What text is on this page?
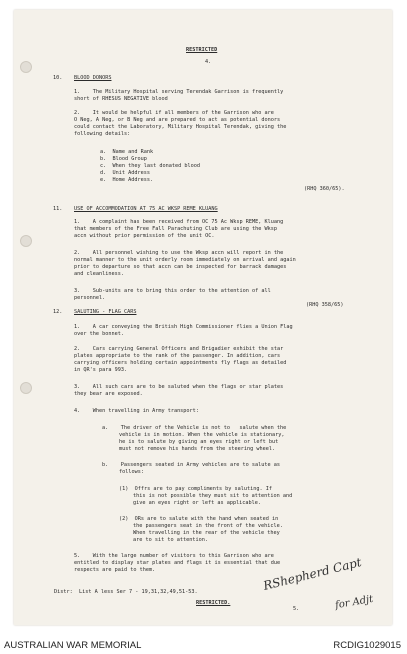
RESTRICTED
4.
10. BLOOD DONORS
1.    The Military Hospital serving Terendak Garrison is frequently
short of RHESUS NEGATIVE blood
2.    It would be helpful if all members of the Garrison who are
O Neg, A Neg, or B Neg and are prepared to act as potential donors
could contact the Laboratory, Military Hospital Terendak, giving the
following details:
a.  Name and Rank
b.  Blood Group
c.  When they last donated blood
d.  Unit Address
e.  Home Address.
(RHQ 360/65).
11. USE OF ACCOMMODATION AT 75 AC WKSP REME KLUANG
1.    A complaint has been received from OC 75 Ac Wksp REME, Kluang
that members of the Free Fall Parachuting Club are using the Wksp
accn without prior permission of the unit OC.
2.    All personnel wishing to use the Wksp accn will report in the
normal manner to the unit orderly room immediately on arrival and again
prior to departure so that accn can be inspected for barrack damages
and cleanliness.
3.    Sub-units are to bring this order to the attention of all
personnel.
(RHQ 358/65)
12. SALUTING - FLAG CARS
1.    A car conveying the British High Commissioner flies a Union Flag
over the bonnet.
2.    Cars carrying General Officers and Brigadier exhibit the star
plates appropriate to the rank of the passenger. In addition, cars
carrying officers holding certain appointments fly flags as detailed
in QR's para 993.
3.    All such cars are to be saluted when the flags or star plates
they bear are exposed.
4.    When travelling in Army transport:
a.    The driver of the Vehicle is not to   salute when the
vehicle is in motion. When the vehicle is stationary,
he is to salute by giving an eyes right or left but
must not remove his hands from the steering wheel.
b.    Passengers seated in Army vehicles are to salute as
follows:
(1)  Offrs are to pay compliments by saluting. If
this is not possible they must sit to attention and
give an eyes right or left as applicable.
(2)  ORs are to salute with the hand when seated in
the passengers seat in the front of the vehicle.
When travelling in the rear of the vehicle they
are to sit to attention.
5.    With the large number of visitors to this Garrison who are
entitled to display star plates and flags it is essential that due
respects are paid to them.
Distr:  List A less Ser 7 - 19,31,32,49,51-53.
RESTRICTED.
5.
RShepherd Capt
for Adjt
AUSTRALIAN WAR MEMORIAL	RCDIG1029015
